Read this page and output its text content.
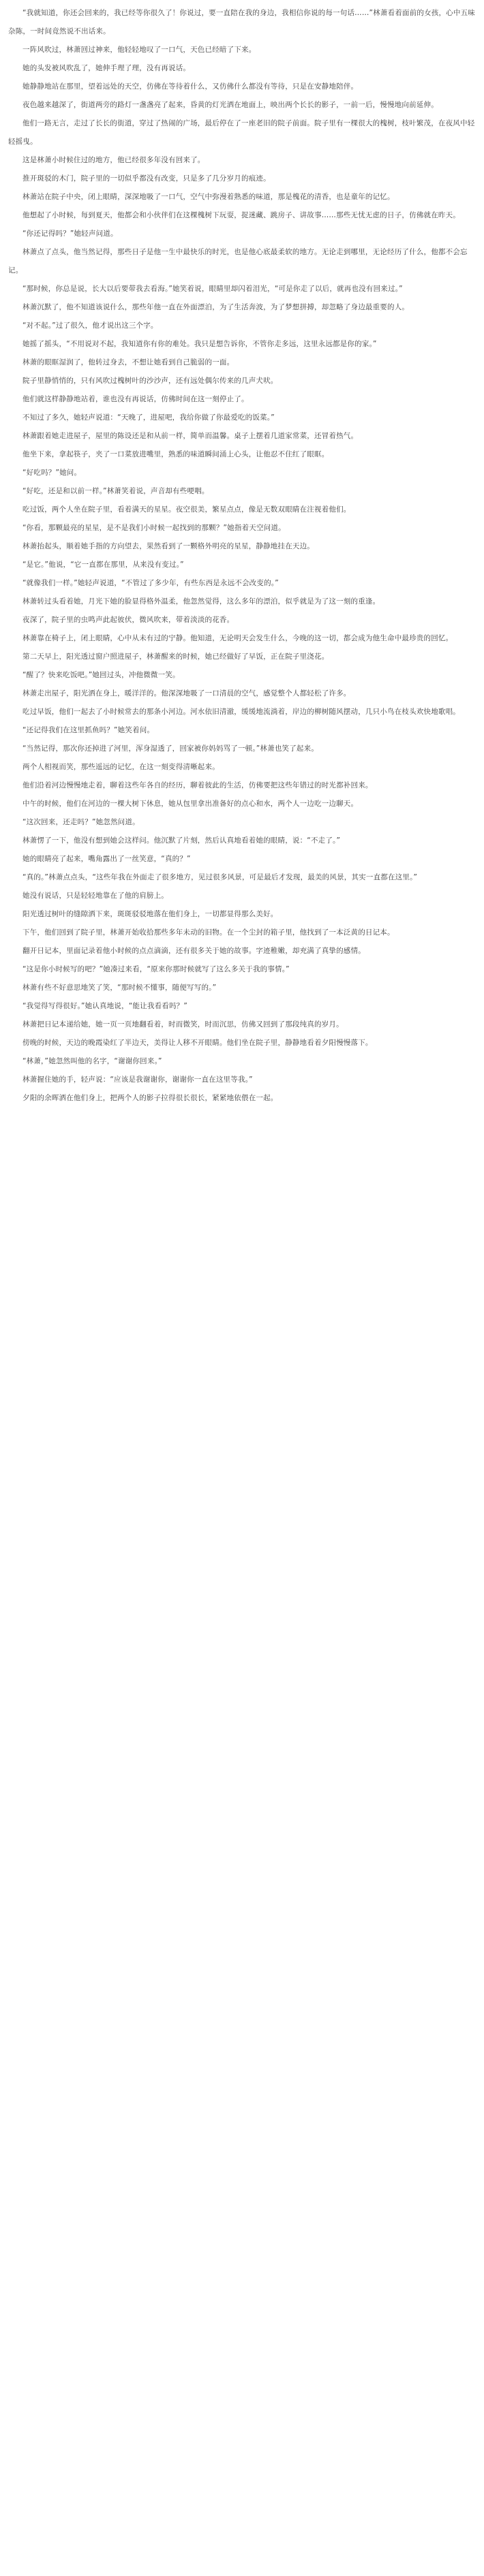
“我就知道，你还会回来的，我已经等你很久了！你说过，要一直陪在我的身边，我相信你说的每一句话……”林萧看着面前的女孩，心中五味杂陈，一时间竟然说不出话来。

一阵风吹过，林萧回过神来，他轻轻地叹了一口气，天色已经暗了下来。

她的头发被风吹乱了，她伸手理了理，没有再说话。

她静静地站在那里，望着远处的天空，仿佛在等待着什么，又仿佛什么都没有等待，只是在安静地陪伴。

夜色越来越深了，街道两旁的路灯一盏盏亮了起来，昏黄的灯光洒在地面上，映出两个长长的影子，一前一后，慢慢地向前延伸。

他们一路无言，走过了长长的街道，穿过了热闹的广场，最后停在了一座老旧的院子前面。院子里有一棵很大的槐树，枝叶繁茂，在夜风中轻轻摇曳。

这是林萧小时候住过的地方，他已经很多年没有回来了。

推开斑驳的木门，院子里的一切似乎都没有改变，只是多了几分岁月的痕迹。

林萧站在院子中央，闭上眼睛，深深地吸了一口气，空气中弥漫着熟悉的味道，那是槐花的清香，也是童年的记忆。

他想起了小时候，每到夏天，他都会和小伙伴们在这棵槐树下玩耍，捉迷藏、跳房子、讲故事……那些无忧无虑的日子，仿佛就在昨天。

“你还记得吗？”她轻声问道。

林萧点了点头，他当然记得，那些日子是他一生中最快乐的时光，也是他心底最柔软的地方。无论走到哪里，无论经历了什么，他都不会忘记。

“那时候，你总是说，长大以后要带我去看海。”她笑着说，眼睛里却闪着泪光，“可是你走了以后，就再也没有回来过。”

林萧沉默了，他不知道该说什么，那些年他一直在外面漂泊，为了生活奔波，为了梦想拼搏，却忽略了身边最重要的人。

“对不起。”过了很久，他才说出这三个字。

她摇了摇头，“不用说对不起，我知道你有你的难处。我只是想告诉你，不管你走多远，这里永远都是你的家。”

林萧的眼眶湿润了，他转过身去，不想让她看到自己脆弱的一面。

院子里静悄悄的，只有风吹过槐树叶的沙沙声，还有远处偶尔传来的几声犬吠。

他们就这样静静地站着，谁也没有再说话，仿佛时间在这一刻停止了。

不知过了多久，她轻声说道：“天晚了，进屋吧，我给你做了你最爱吃的饭菜。”

林萧跟着她走进屋子，屋里的陈设还是和从前一样，简单而温馨。桌子上摆着几道家常菜，还冒着热气。

他坐下来，拿起筷子，夹了一口菜放进嘴里，熟悉的味道瞬间涌上心头，让他忍不住红了眼眶。

“好吃吗？”她问。

“好吃，还是和以前一样。”林萧笑着说，声音却有些哽咽。

吃过饭，两个人坐在院子里，看着满天的星星。夜空很美，繁星点点，像是无数双眼睛在注视着他们。

“你看，那颗最亮的星星，是不是我们小时候一起找到的那颗？”她指着天空问道。

林萧抬起头，顺着她手指的方向望去，果然看到了一颗格外明亮的星星，静静地挂在天边。

“是它。”他说，“它一直都在那里，从来没有变过。”

“就像我们一样。”她轻声说道，“不管过了多少年，有些东西是永远不会改变的。”

林萧转过头看着她，月光下她的脸显得格外温柔，他忽然觉得，这么多年的漂泊，似乎就是为了这一刻的重逢。

夜深了，院子里的虫鸣声此起彼伏，微风吹来，带着淡淡的花香。

林萧靠在椅子上，闭上眼睛，心中从未有过的宁静。他知道，无论明天会发生什么，今晚的这一切，都会成为他生命中最珍贵的回忆。

第二天早上，阳光透过窗户照进屋子，林萧醒来的时候，她已经做好了早饭，正在院子里浇花。

“醒了？快来吃饭吧。”她回过头，冲他微微一笑。

林萧走出屋子，阳光洒在身上，暖洋洋的。他深深地吸了一口清晨的空气，感觉整个人都轻松了许多。

吃过早饭，他们一起去了小时候常去的那条小河边。河水依旧清澈，缓缓地流淌着，岸边的柳树随风摆动，几只小鸟在枝头欢快地歌唱。

“还记得我们在这里抓鱼吗？”她笑着问。

“当然记得，那次你还掉进了河里，浑身湿透了，回家被你妈妈骂了一顿。”林萧也笑了起来。

两个人相视而笑，那些遥远的记忆，在这一刻变得清晰起来。

他们沿着河边慢慢地走着，聊着这些年各自的经历，聊着彼此的生活，仿佛要把这些年错过的时光都补回来。

中午的时候，他们在河边的一棵大树下休息，她从包里拿出准备好的点心和水，两个人一边吃一边聊天。

“这次回来，还走吗？”她忽然问道。

林萧愣了一下，他没有想到她会这样问。他沉默了片刻，然后认真地看着她的眼睛，说：“不走了。”

她的眼睛亮了起来，嘴角露出了一丝笑意，“真的？”

“真的。”林萧点点头，“这些年我在外面走了很多地方，见过很多风景，可是最后才发现，最美的风景，其实一直都在这里。”

她没有说话，只是轻轻地靠在了他的肩膀上。

阳光透过树叶的缝隙洒下来，斑斑驳驳地落在他们身上，一切都显得那么美好。

下午，他们回到了院子里，林萧开始收拾那些多年未动的旧物。在一个尘封的箱子里，他找到了一本泛黄的日记本。

翻开日记本，里面记录着他小时候的点点滴滴，还有很多关于她的故事。字迹稚嫩，却充满了真挚的感情。

“这是你小时候写的吧？”她凑过来看，“原来你那时候就写了这么多关于我的事情。”

林萧有些不好意思地笑了笑，“那时候不懂事，随便写写的。”

“我觉得写得很好。”她认真地说，“能让我看看吗？”

林萧把日记本递给她，她一页一页地翻看着，时而微笑，时而沉思，仿佛又回到了那段纯真的岁月。

傍晚的时候，天边的晚霞染红了半边天，美得让人移不开眼睛。他们坐在院子里，静静地看着夕阳慢慢落下。

“林萧，”她忽然叫他的名字，“谢谢你回来。”

林萧握住她的手，轻声说：“应该是我谢谢你，谢谢你一直在这里等我。”

夕阳的余晖洒在他们身上，把两个人的影子拉得很长很长，紧紧地依偎在一起。
